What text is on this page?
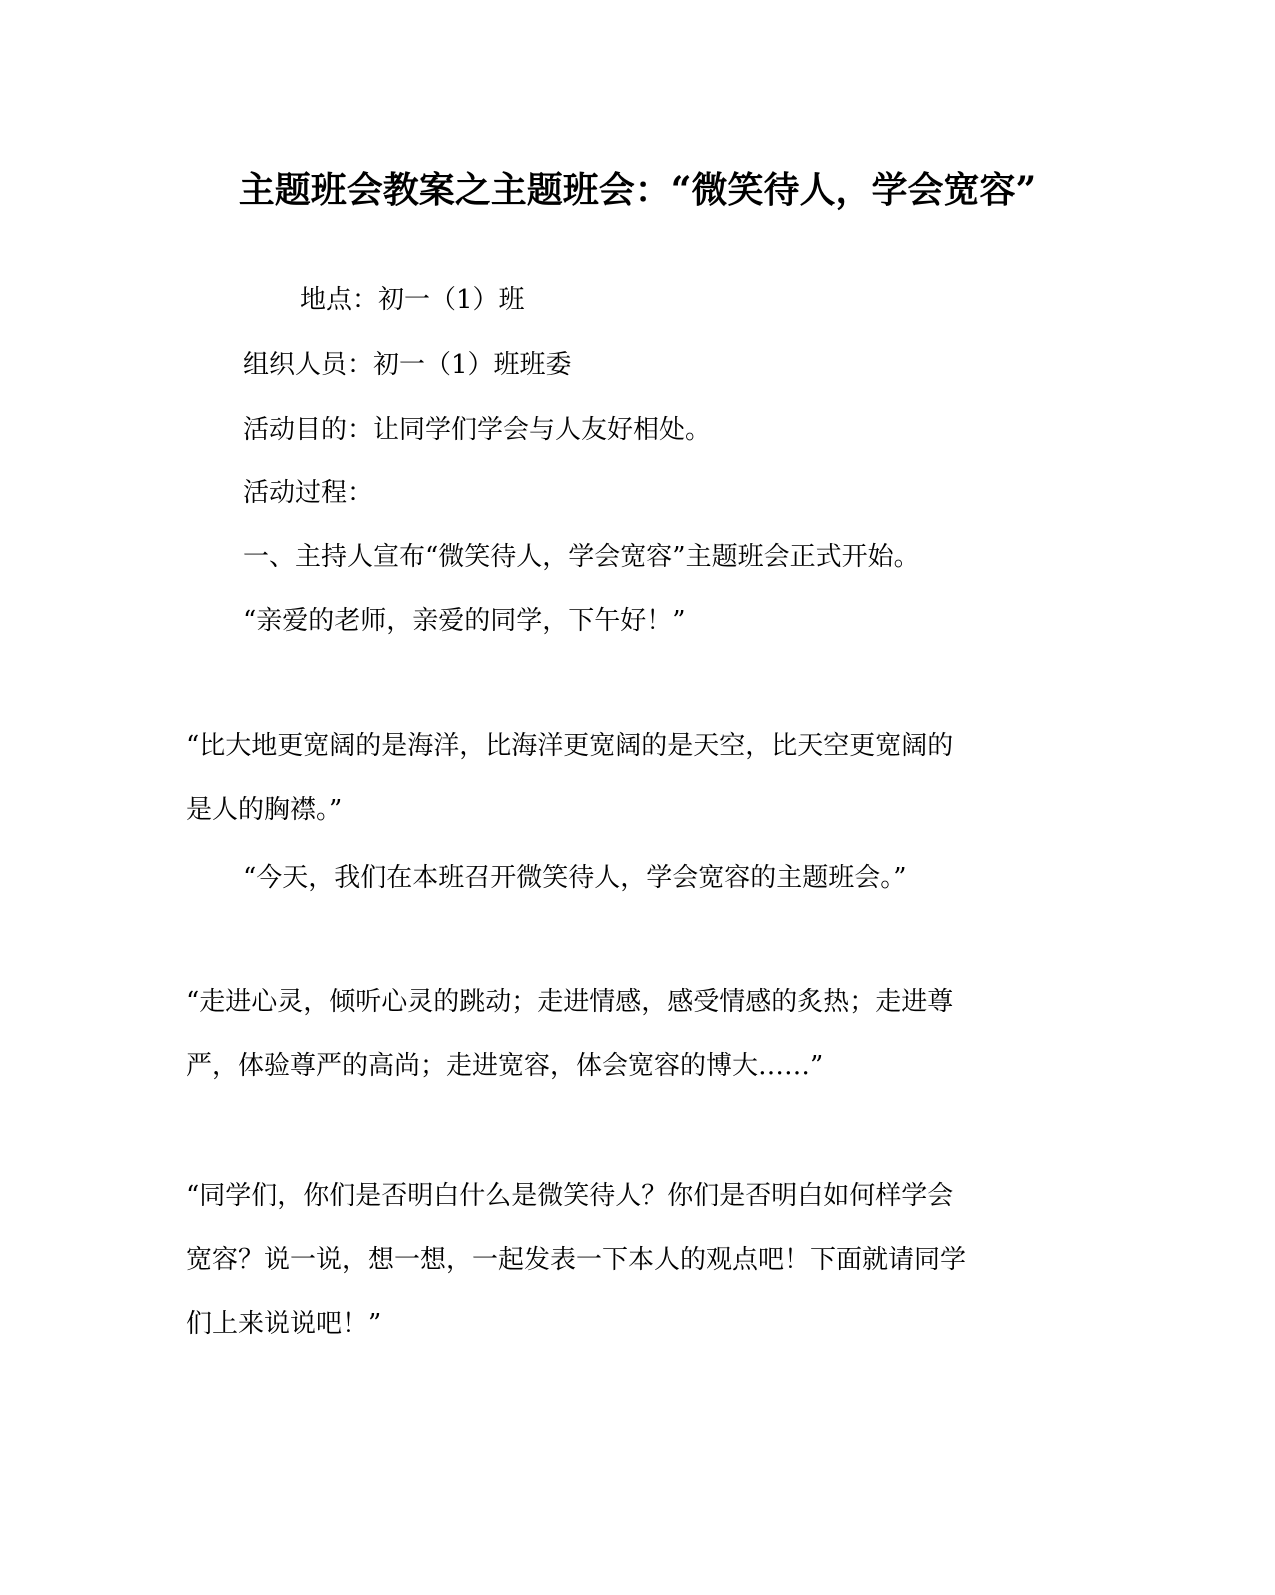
主题班会教案之主题班会：“微笑待人，学会宽容”
地点：初一（1）班
组织人员：初一（1）班班委
活动目的：让同学们学会与人友好相处。
活动过程：
一、主持人宣布“微笑待人，学会宽容”主题班会正式开始。
“亲爱的老师，亲爱的同学，下午好！”
“比大地更宽阔的是海洋，比海洋更宽阔的是天空，比天空更宽阔的
是人的胸襟。”
“今天，我们在本班召开微笑待人，学会宽容的主题班会。”
“走进心灵，倾听心灵的跳动；走进情感，感受情感的炙热；走进尊
严，体验尊严的高尚；走进宽容，体会宽容的博大……”
“同学们，你们是否明白什么是微笑待人？你们是否明白如何样学会
宽容？说一说，想一想，一起发表一下本人的观点吧！下面就请同学
们上来说说吧！”
